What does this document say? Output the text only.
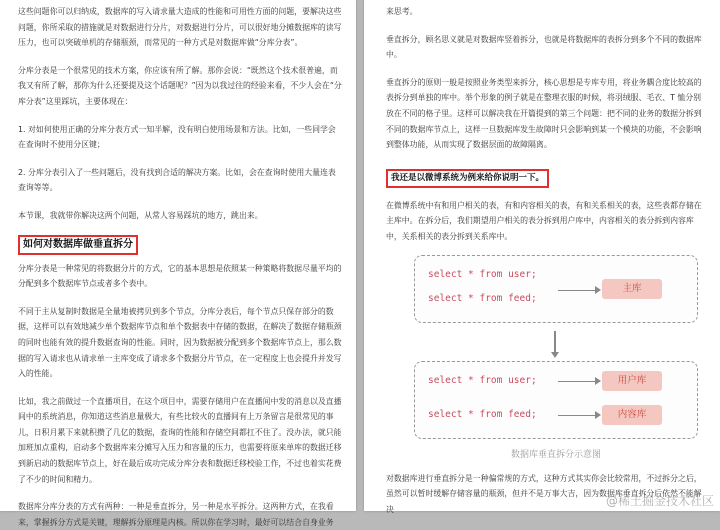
这些问题你可以归纳成，数据库的写入请求量大造成的性能和可用性方面的问题，要解决这些问题，你所采取的措施就是对数据进行分片，对数据进行分片，可以很好地分摊数据库的读写压力，也可以突破单机的存储瓶颈，而常见的一种方式是对数据库做“分库分表”。

分库分表是一个很常见的技术方案，你应该有所了解。那你会说：“既然这个技术很普遍，而我又有所了解，那你为什么还要提及这个话题呢？”因为以我过往的经验来看，不少人会在“分库分表”这里踩坑，主要体现在：

1. 对如何使用正确的分库分表方式一知半解，没有明白使用场景和方法。比如，一些同学会在查询时不使用分区键；

2. 分库分表引入了一些问题后，没有找到合适的解决方案。比如，会在查询时使用大量连表查询等等。

本节课，我就带你解决这两个问题，从常人容易踩坑的地方，跳出来。

如何对数据库做垂直拆分

分库分表是一种常见的将数据分片的方式，它的基本思想是依照某一种策略将数据尽量平均的分配到多个数据库节点或者多个表中。

不同于主从复制时数据是全量地被拷贝到多个节点，分库分表后，每个节点只保存部分的数据，这样可以有效地减少单个数据库节点和单个数据表中存储的数据，在解决了数据存储瓶颈的同时也能有效的提升数据查询的性能。同时，因为数据被分配到多个数据库节点上，那么数据的写入请求也从请求单一主库变成了请求多个数据分片节点，在一定程度上也会提升并发写入的性能。

比如，我之前做过一个直播项目，在这个项目中，需要存储用户在直播间中发的消息以及直播间中的系统消息，你知道这些消息量极大，有些比较火的直播间有上万条留言是很常见的事儿，日积月累下来就积攒了几亿的数据，查询的性能和存储空间都扛不住了。没办法，就只能加班加点重构，启动多个数据库来分摊写入压力和容量的压力，也需要将原来单库的数据迁移到新启动的数据库节点上，好在最后成功完成分库分表和数据迁移校验工作，不过也着实花费了不少的时间和精力。

数据库分库分表的方式有两种：一种是垂直拆分，另一种是水平拆分。这两种方式，在我看来，掌握拆分方式是关键，理解拆分原理是内核。所以你在学习时，最好可以结合自身业务

来思考。

垂直拆分，顾名思义就是对数据库竖着拆分，也就是将数据库的表拆分到多个不同的数据库中。

垂直拆分的原则一般是按照业务类型来拆分，核心思想是专库专用，将业务耦合度比较高的表拆分到单独的库中。举个形象的例子就是在整理衣服的时候，将羽绒服、毛衣、T 恤分别放在不同的格子里。这样可以解决我在开篇提到的第三个问题：把不同的业务的数据分拆到不同的数据库节点上，这样一旦数据库发生故障时只会影响到某一个模块的功能，不会影响到整体功能，从而实现了数据层面的故障隔离。

我还是以微博系统为例来给你说明一下。

在微博系统中有和用户相关的表，有和内容相关的表，有和关系相关的表，这些表都存储在主库中。在拆分后，我们期望用户相关的表分拆到用户库中，内容相关的表分拆到内容库中，关系相关的表分拆到关系库中。

select * from user;
select * from feed;
主库
select * from user;
select * from feed;
用户库
内容库
数据库垂直拆分示意图

对数据库进行垂直拆分是一种偏常规的方式，这种方式其实你会比较常用，不过拆分之后，虽然可以暂时缓解存储容量的瓶颈，但并不是万事大吉，因为数据库垂直拆分后依然不能解决

@稀土掘金技术社区
